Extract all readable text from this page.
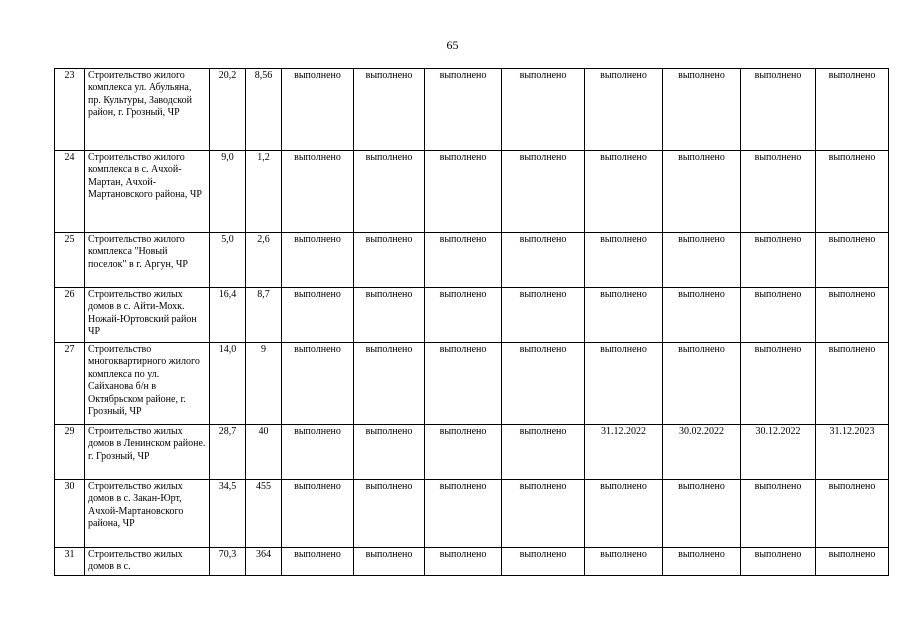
65
23	Строительство жилого комплекса ул. Абульяна, пр. Культуры, Заводской район, г. Грозный, ЧР	20,2	8,56	выполнено	выполнено	выполнено	выполнено	выполнено	выполнено	выполнено	выполнено
24	Строительство жилого комплекса в с. Ачхой-Мартан, Ачхой-Мартановского района, ЧР	9,0	1,2	выполнено	выполнено	выполнено	выполнено	выполнено	выполнено	выполнено	выполнено
25	Строительство жилого комплекса "Новый поселок" в г. Аргун, ЧР	5,0	2,6	выполнено	выполнено	выполнено	выполнено	выполнено	выполнено	выполнено	выполнено
26	Строительство жилых домов в с. Айти-Мохк. Ножай-Юртовский район ЧР	16,4	8,7	выполнено	выполнено	выполнено	выполнено	выполнено	выполнено	выполнено	выполнено
27	Строительство многоквартирного жилого комплекса по ул. Сайханова б/н в Октябрьском районе, г. Грозный, ЧР	14,0	9	выполнено	выполнено	выполнено	выполнено	выполнено	выполнено	выполнено	выполнено
29	Строительство жилых домов в Ленинском районе. г. Грозный, ЧР	28,7	40	выполнено	выполнено	выполнено	выполнено	31.12.2022	30.02.2022	30.12.2022	31.12.2023
30	Строительство жилых домов в с. Закан-Юрт, Ачхой-Мартановского района, ЧР	34,5	455	выполнено	выполнено	выполнено	выполнено	выполнено	выполнено	выполнено	выполнено
31	Строительство жилых домов в с.	70,3	364	выполнено	выполнено	выполнено	выполнено	выполнено	выполнено	выполнено	выполнено
